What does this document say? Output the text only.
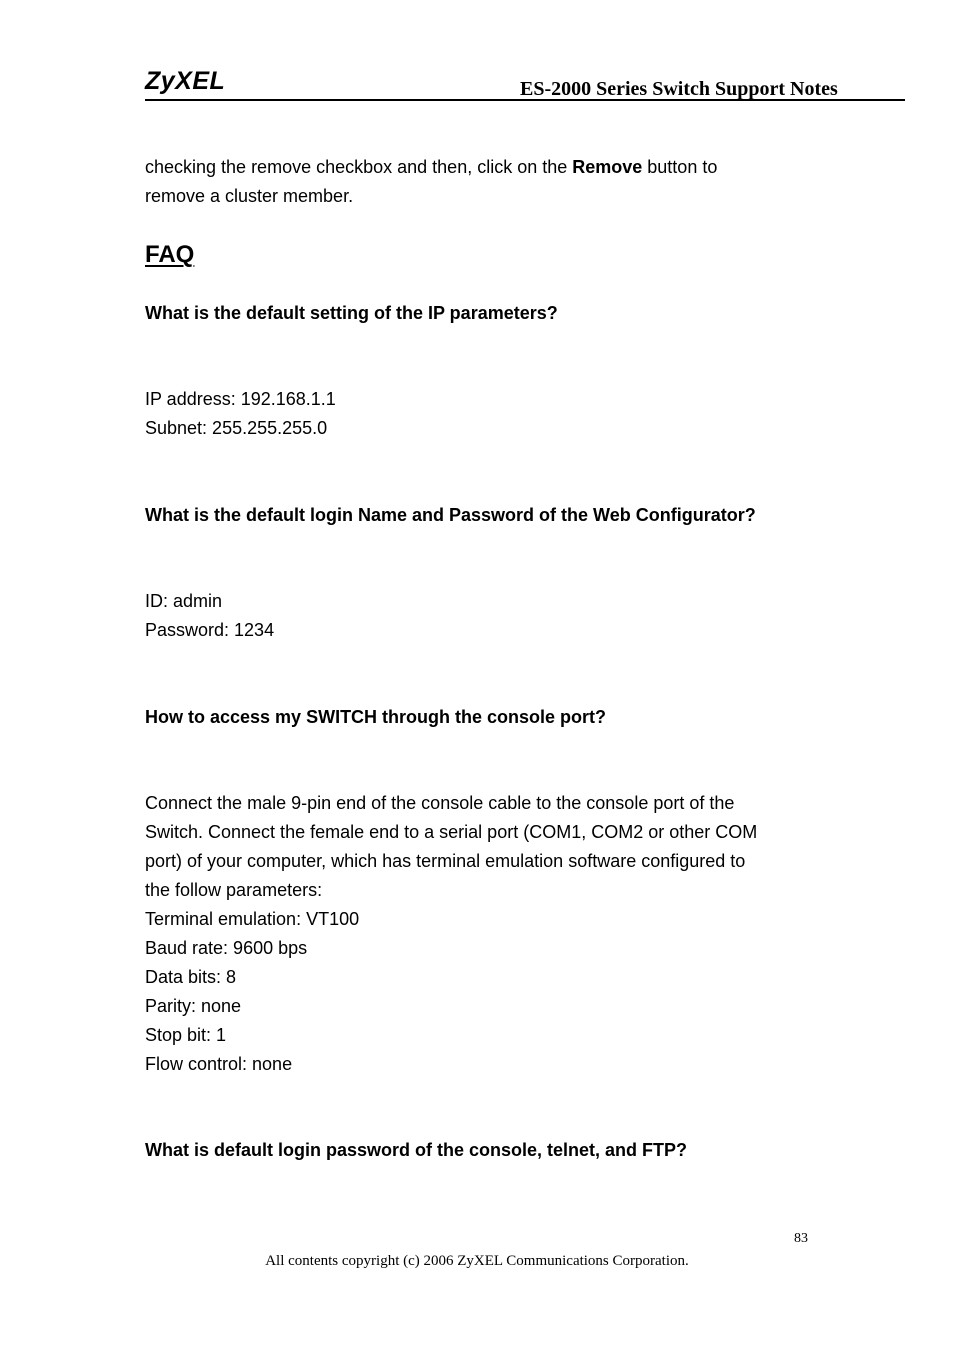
ZyXEL	ES-2000 Series Switch Support Notes

checking the remove checkbox and then, click on the Remove button to
remove a cluster member.

FAQ
What is the default setting of the IP parameters?

IP address: 192.168.1.1
Subnet: 255.255.255.0

What is the default login Name and Password of the Web Configurator?

ID: admin
Password: 1234

How to access my SWITCH through the console port?

Connect the male 9-pin end of the console cable to the console port of the
Switch. Connect the female end to a serial port (COM1, COM2 or other COM
port) of your computer, which has terminal emulation software configured to
the follow parameters:
Terminal emulation: VT100
Baud rate: 9600 bps
Data bits: 8
Parity: none
Stop bit: 1
Flow control: none

What is default login password of the console, telnet, and FTP?
83
All contents copyright (c) 2006 ZyXEL Communications Corporation.
